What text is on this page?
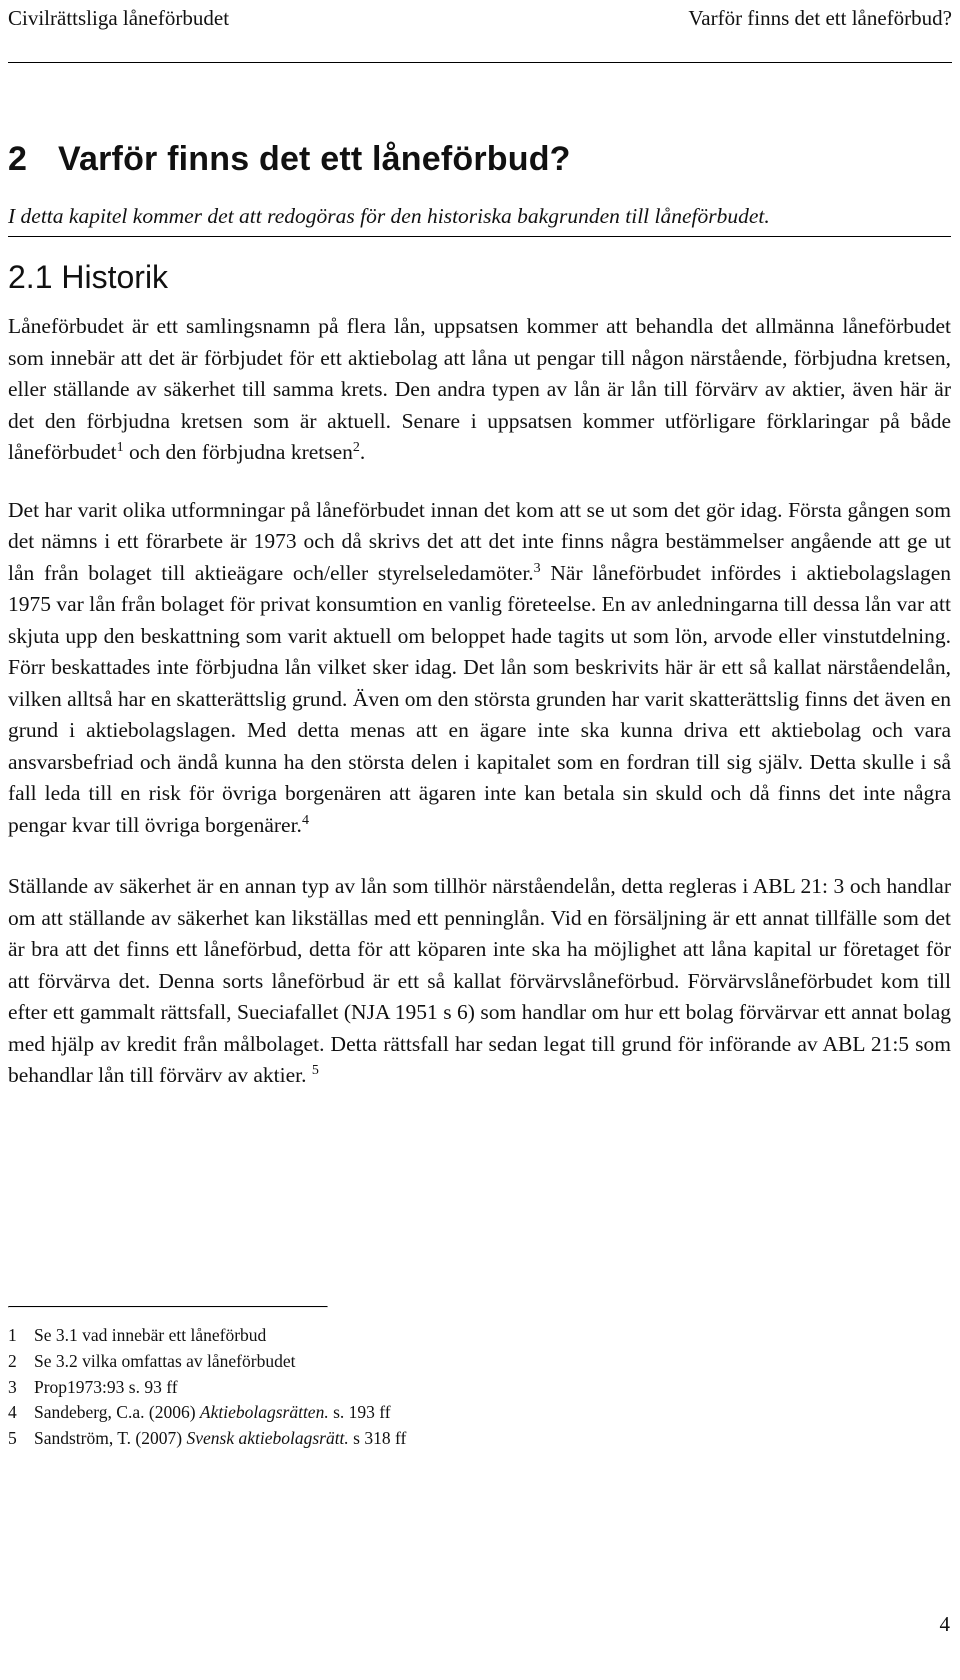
Civilrättsliga låneförbudet	Varför finns det ett låneförbud?
2 Varför finns det ett låneförbud?

I detta kapitel kommer det att redogöras för den historiska bakgrunden till låneförbudet.

2.1 Historik

Låneförbudet är ett samlingsnamn på flera lån, uppsatsen kommer att behandla det allmänna låneförbudet som innebär att det är förbjudet för ett aktiebolag att låna ut pengar till någon närstående, förbjudna kretsen, eller ställande av säkerhet till samma krets. Den andra typen av lån är lån till förvärv av aktier, även här är det den förbjudna kretsen som är aktuell. Senare i uppsatsen kommer utförligare förklaringar på både låneförbudet$^1$ och den förbjudna kretsen$^2$.

Det har varit olika utformningar på låneförbudet innan det kom att se ut som det gör idag. Första gången som det nämns i ett förarbete är 1973 och då skrivs det att det inte finns några bestämmelser angående att ge ut lån från bolaget till aktieägare och/eller styrelseledamöter.$^3$ När låneförbudet infördes i aktiebolagslagen 1975 var lån från bolaget för privat konsumtion en vanlig företeelse. En av anledningarna till dessa lån var att skjuta upp den beskattning som varit aktuell om beloppet hade tagits ut som lön, arvode eller vinstutdelning. Förr beskattades inte förbjudna lån vilket sker idag. Det lån som beskrivits här är ett så kallat närståendelån, vilken alltså har en skatterättslig grund. Även om den största grunden har varit skatterättslig finns det även en grund i aktiebolagslagen. Med detta menas att en ägare inte ska kunna driva ett aktiebolag och vara ansvarsbefriad och ändå kunna ha den största delen i kapitalet som en fordran till sig själv. Detta skulle i så fall leda till en risk för övriga borgenären att ägaren inte kan betala sin skuld och då finns det inte några pengar kvar till övriga borgenärer.$^4$

Ställande av säkerhet är en annan typ av lån som tillhör närståendelån, detta regleras i ABL 21: 3 och handlar om att ställande av säkerhet kan likställas med ett penninglån. Vid en försäljning är ett annat tillfälle som det är bra att det finns ett låneförbud, detta för att köparen inte ska ha möjlighet att låna kapital ur företaget för att förvärva det. Denna sorts låneförbud är ett så kallat förvärvslåneförbud. Förvärvslåneförbudet kom till efter ett gammalt rättsfall, Sueciafallet (NJA 1951 s 6) som handlar om hur ett bolag förvärvar ett annat bolag med hjälp av kredit från målbolaget. Detta rättsfall har sedan legat till grund för införande av ABL 21:5 som behandlar lån till förvärv av aktier. $^5$

1 Se 3.1 vad innebär ett låneförbud
2 Se 3.2 vilka omfattas av låneförbudet
3 Prop1973:93 s. 93 ff
4 Sandeberg, C.a. (2006) Aktiebolagsrätten. s. 193 ff
5 Sandström, T. (2007) Svensk aktiebolagsrätt. s 318 ff
4
